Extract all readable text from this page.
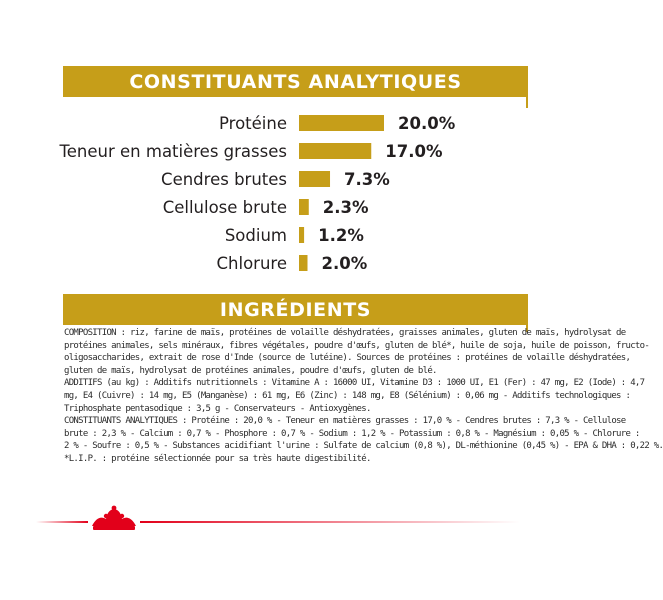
CONSTITUANTS ANALYTIQUES
Protéine	20.0%
Teneur en matières grasses	17.0%
Cendres brutes	7.3%
Cellulose brute 2.3%
Sodium 1.2%
Chlorure 2.0%
INGRÉDIENTS

COMPOSITION : riz, farine de maïs, protéines de volaille déshydratées, graisses animales, gluten de maïs, hydrolysat de

protéines animales, sels minéraux, fibres végétales, poudre d'œufs, gluten de blé*, huile de soja, huile de poisson, fructo-

oligosaccharides, extrait de rose d'Inde (source de lutéine). Sources de protéines : protéines de volaille déshydratées,

gluten de maïs, hydrolysat de protéines animales, poudre d'œufs, gluten de blé.

ADDITIFS (au kg) : Additifs nutritionnels : Vitamine A : 16000 UI, Vitamine D3 : 1000 UI, E1 (Fer) : 47 mg, E2 (Iode) : 4,7

mg, E4 (Cuivre) : 14 mg, E5 (Manganèse) : 61 mg, E6 (Zinc) : 148 mg, E8 (Sélénium) : 0,06 mg - Additifs technologiques :

Triphosphate pentasodique : 3,5 g - Conservateurs - Antioxygènes.

CONSTITUANTS ANALYTIQUES : Protéine : 20,0 % - Teneur en matières grasses : 17,0 % - Cendres brutes : 7,3 % - Cellulose

brute : 2,3 % - Calcium : 0,7 % - Phosphore : 0,7 % - Sodium : 1,2 % - Potassium : 0,8 % - Magnésium : 0,05 % - Chlorure :

2 % - Soufre : 0,5 % - Substances acidifiant l'urine : Sulfate de calcium (0,8 %), DL-méthionine (0,45 %) - EPA & DHA : 0,22 %.

*L.I.P. : protéine sélectionnée pour sa très haute digestibilité.
